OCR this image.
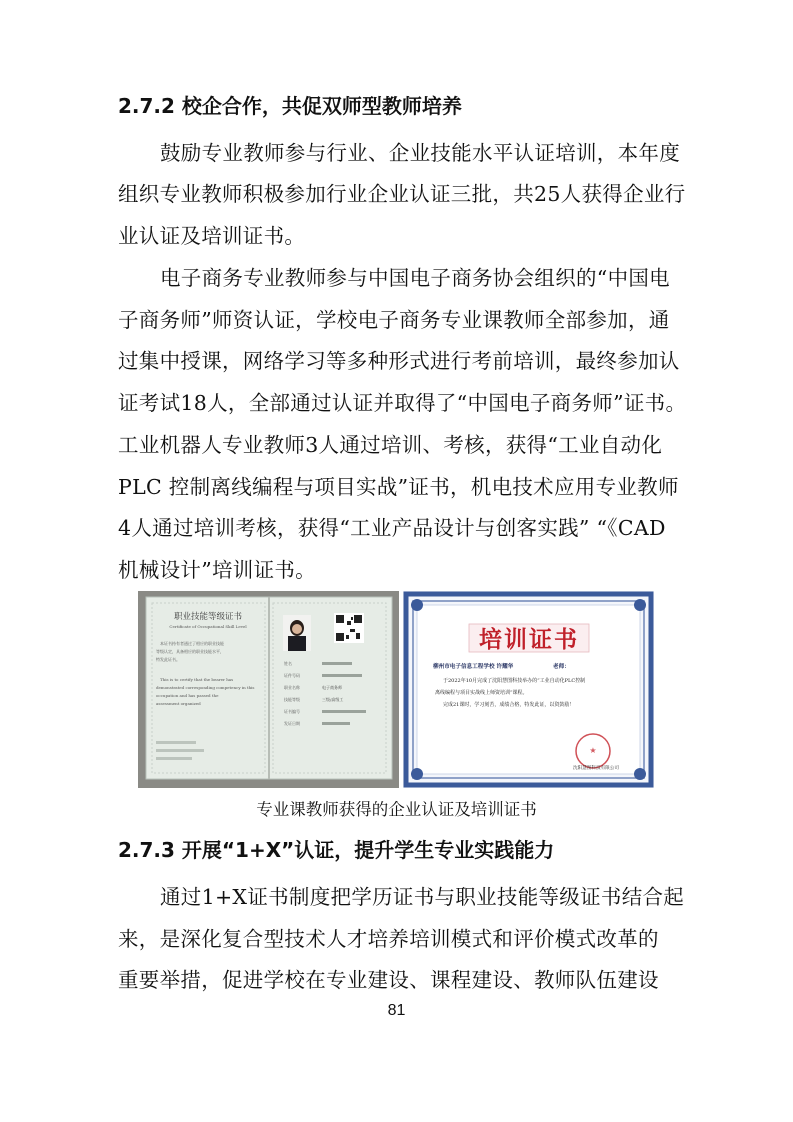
2.7.2 校企合作，共促双师型教师培养
鼓励专业教师参与行业、企业技能水平认证培训，本年度
组织专业教师积极参加行业企业认证三批，共25人获得企业行
业认证及培训证书。
电子商务专业教师参与中国电子商务协会组织的“中国电
子商务师”师资认证，学校电子商务专业课教师全部参加，通
过集中授课，网络学习等多种形式进行考前培训，最终参加认
证考试18人，全部通过认证并取得了“中国电子商务师”证书。
工业机器人专业教师3人通过培训、考核，获得“工业自动化
PLC 控制离线编程与项目实战”证书，机电技术应用专业教师
4人通过培训考核，获得“工业产品设计与创客实践” “《CAD
机械设计”培训证书。
职业技能等级证书
Certificate of Occupational Skill Level
本证书持有者通过了相应的职业技能
等级认定，具备相应的职业技能水平，
特发此证书。
This is to certify that the bearer has
demonstrated corresponding competency in this
occupation and has passed the
assessment organized
姓名
证件号码
职业名称
技能等级
证书编号
发证日期
电子商务师
三级/高级工
培训证书
柳州市电子信息工程学校 许耀华	老师：
于2022年10月完成了沈阳慧图科技举办的“工业自动化PLC控制
离线编程与项目实战线上师资培训”课程。
完成21课时，学习刻苦，成绩合格，特发此证，以资鼓励！
★
沈阳慧图科技有限公司
专业课教师获得的企业认证及培训证书
2.7.3 开展“1+X”认证，提升学生专业实践能力
通过1+X证书制度把学历证书与职业技能等级证书结合起
来，是深化复合型技术人才培养培训模式和评价模式改革的
重要举措，促进学校在专业建设、课程建设、教师队伍建设
81
